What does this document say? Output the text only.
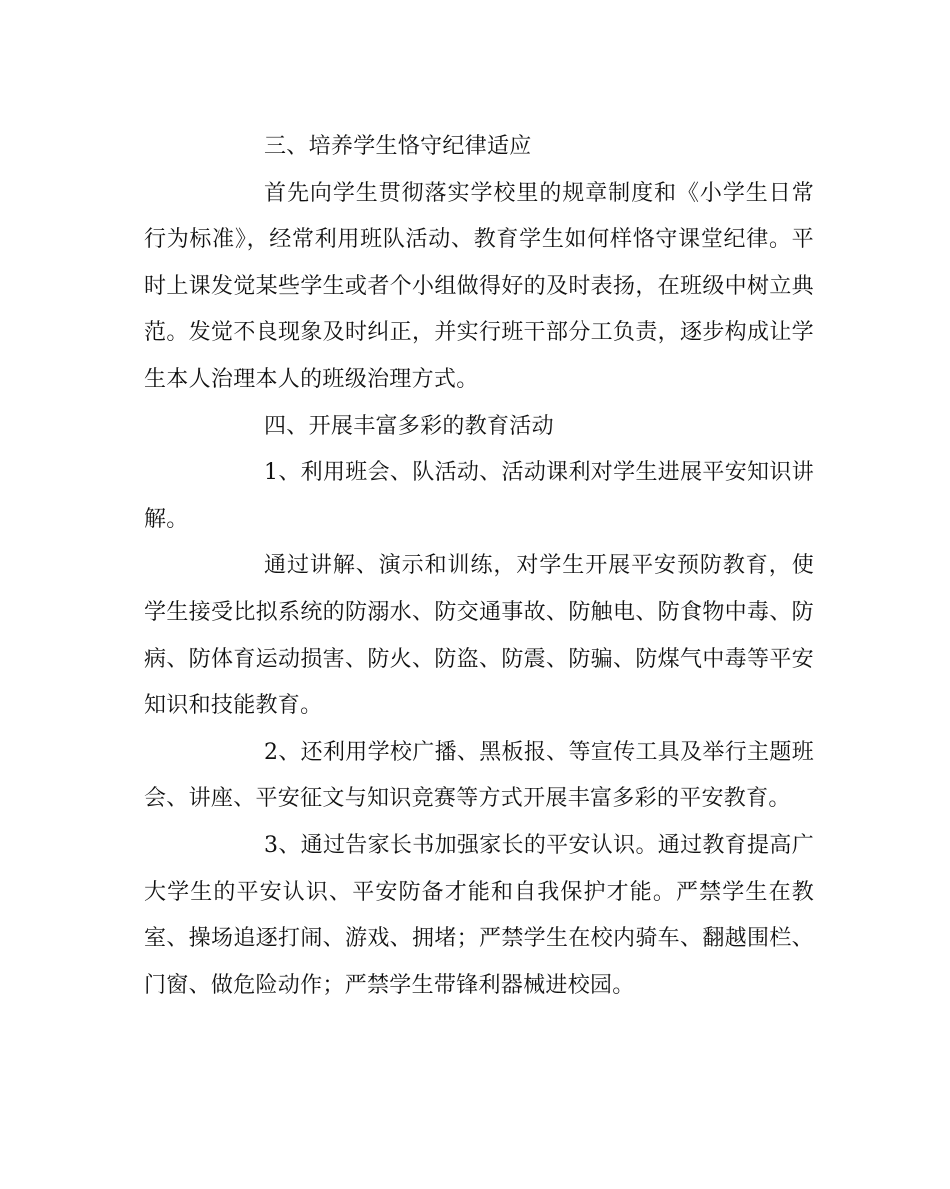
三、培养学生恪守纪律适应

首先向学生贯彻落实学校里的规章制度和《小学生日常行为标准》，经常利用班队活动、教育学生如何样恪守课堂纪律。平时上课发觉某些学生或者个小组做得好的及时表扬，在班级中树立典范。发觉不良现象及时纠正，并实行班干部分工负责，逐步构成让学生本人治理本人的班级治理方式。

四、开展丰富多彩的教育活动

1、利用班会、队活动、活动课利对学生进展平安知识讲解。

通过讲解、演示和训练，对学生开展平安预防教育，使学生接受比拟系统的防溺水、防交通事故、防触电、防食物中毒、防病、防体育运动损害、防火、防盗、防震、防骗、防煤气中毒等平安知识和技能教育。

2、还利用学校广播、黑板报、等宣传工具及举行主题班会、讲座、平安征文与知识竞赛等方式开展丰富多彩的平安教育。

3、通过告家长书加强家长的平安认识。通过教育提高广大学生的平安认识、平安防备才能和自我保护才能。严禁学生在教室、操场追逐打闹、游戏、拥堵；严禁学生在校内骑车、翻越围栏、门窗、做危险动作；严禁学生带锋利器械进校园。
